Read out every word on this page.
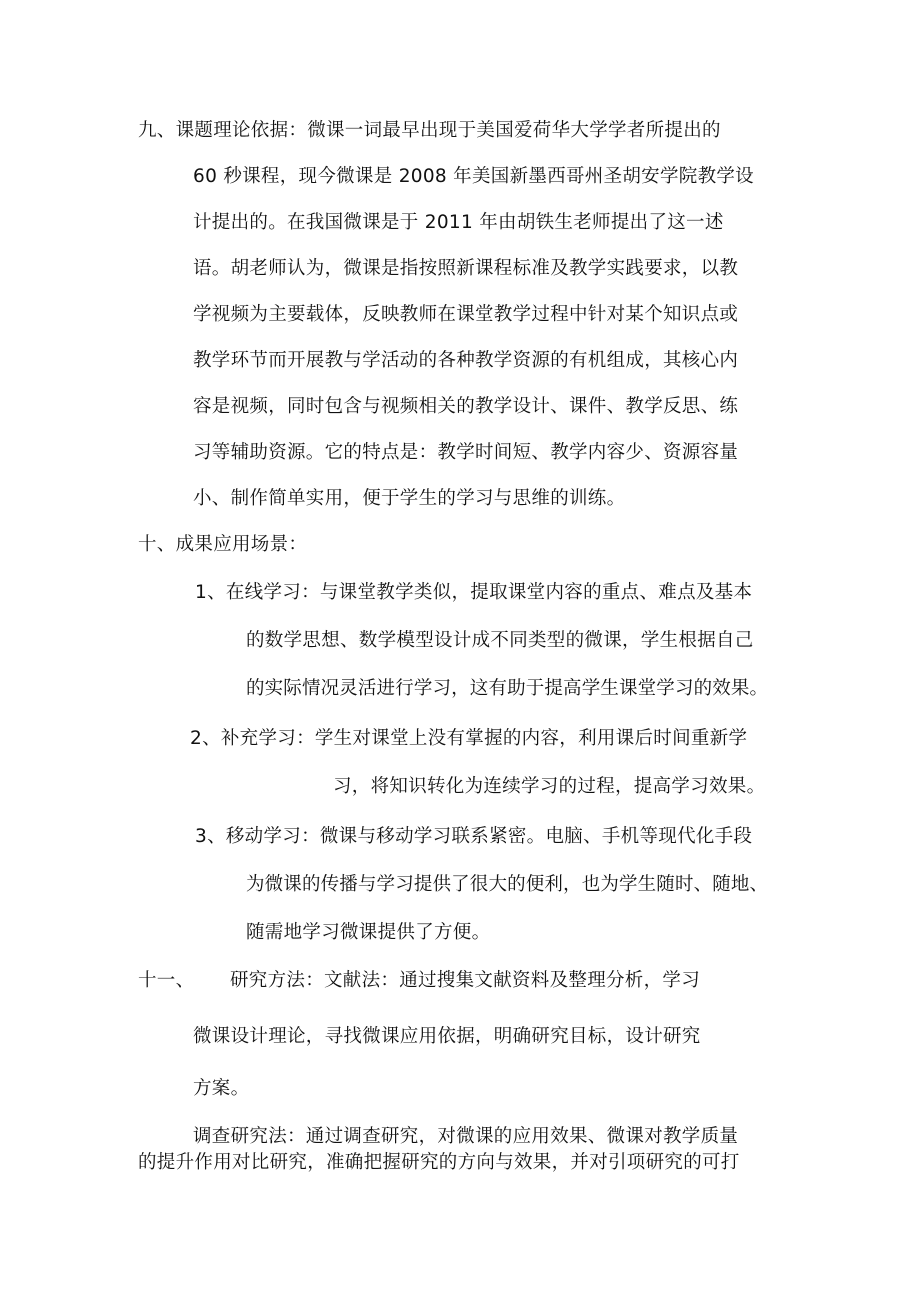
九、课题理论依据：微课一词最早出现于美国爱荷华大学学者所提出的
60 秒课程，现今微课是 2008 年美国新墨西哥州圣胡安学院教学设
计提出的。在我国微课是于 2011 年由胡铁生老师提出了这一述
语。胡老师认为，微课是指按照新课程标准及教学实践要求，以教
学视频为主要载体，反映教师在课堂教学过程中针对某个知识点或
教学环节而开展教与学活动的各种教学资源的有机组成，其核心内
容是视频，同时包含与视频相关的教学设计、课件、教学反思、练
习等辅助资源。它的特点是：教学时间短、教学内容少、资源容量
小、制作简单实用，便于学生的学习与思维的训练。
十、成果应用场景：
1、在线学习：与课堂教学类似，提取课堂内容的重点、难点及基本
的数学思想、数学模型设计成不同类型的微课，学生根据自己
的实际情况灵活进行学习，这有助于提高学生课堂学习的效果。
2、补充学习：学生对课堂上没有掌握的内容，利用课后时间重新学
习，将知识转化为连续学习的过程，提高学习效果。
3、移动学习：微课与移动学习联系紧密。电脑、手机等现代化手段
为微课的传播与学习提供了很大的便利，也为学生随时、随地、
随需地学习微课提供了方便。
十一、 研究方法：文献法：通过搜集文献资料及整理分析，学习
微课设计理论，寻找微课应用依据，明确研究目标，设计研究
方案。
调查研究法：通过调查研究，对微课的应用效果、微课对教学质量
的提升作用对比研究，准确把握研究的方向与效果，并对引项研究的可打
